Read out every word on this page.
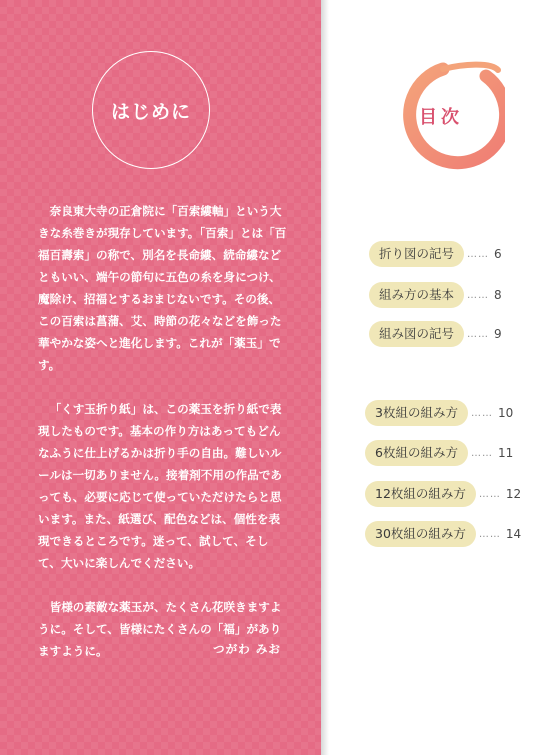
はじめに

奈良東大寺の正倉院に「百索縷軸」という大きな糸巻きが現存しています。「百索」とは「百福百壽索」の称で、別名を長命縷、続命縷などともいい、端午の節句に五色の糸を身につけ、魔除け、招福とするおまじないです。その後、この百索は菖蒲、艾、時節の花々などを飾った華やかな姿へと進化します。これが「薬玉」です。

「くす玉折り紙」は、この薬玉を折り紙で表現したものです。基本の作り方はあってもどんなふうに仕上げるかは折り手の自由。難しいルールは一切ありません。接着剤不用の作品であっても、必要に応じて使っていただけたらと思います。また、紙選び、配色などは、個性を表現できるところです。迷って、試して、そして、大いに楽しんでください。

皆様の素敵な薬玉が、たくさん花咲きますように。そして、皆様にたくさんの「福」がありますように。	つがわ みお
目次
折り図の記号	…… 6
組み方の基本	…… 8
組み図の記号	…… 9
3枚組の組み方	…… 10
6枚組の組み方	…… 11
12枚組の組み方	…… 12
30枚組の組み方	…… 14
